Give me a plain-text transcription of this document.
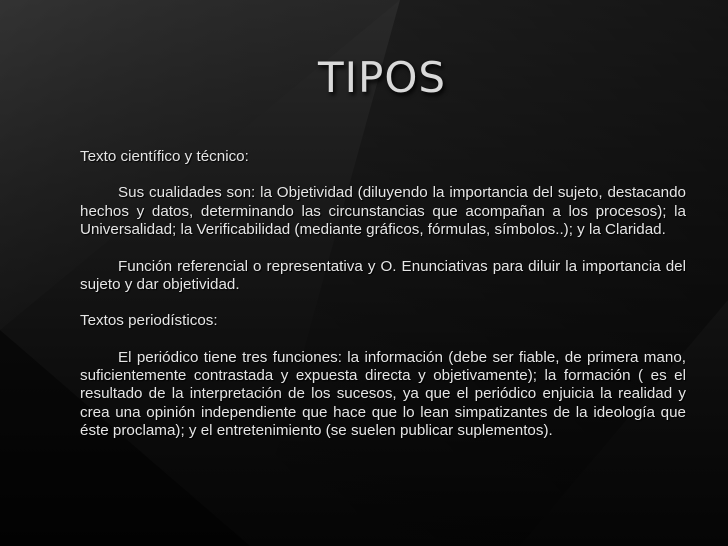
TIPOS

Texto científico y técnico:

Sus cualidades son: la Objetividad (diluyendo la importancia del sujeto, destacando hechos y datos, determinando las circunstancias que acompañan a los procesos); la Universalidad; la Verificabilidad (mediante gráficos, fórmulas, símbolos..); y la Claridad.

Función referencial o representativa y O. Enunciativas para diluir la importancia del sujeto y dar objetividad.

Textos periodísticos:

El periódico tiene tres funciones: la información (debe ser fiable, de primera mano, suficientemente contrastada y expuesta directa y objetivamente); la formación ( es el resultado de la interpretación de los sucesos, ya que el periódico enjuicia la realidad y crea una opinión independiente que hace que lo lean simpatizantes de la ideología que éste proclama); y el entretenimiento (se suelen publicar suplementos).
